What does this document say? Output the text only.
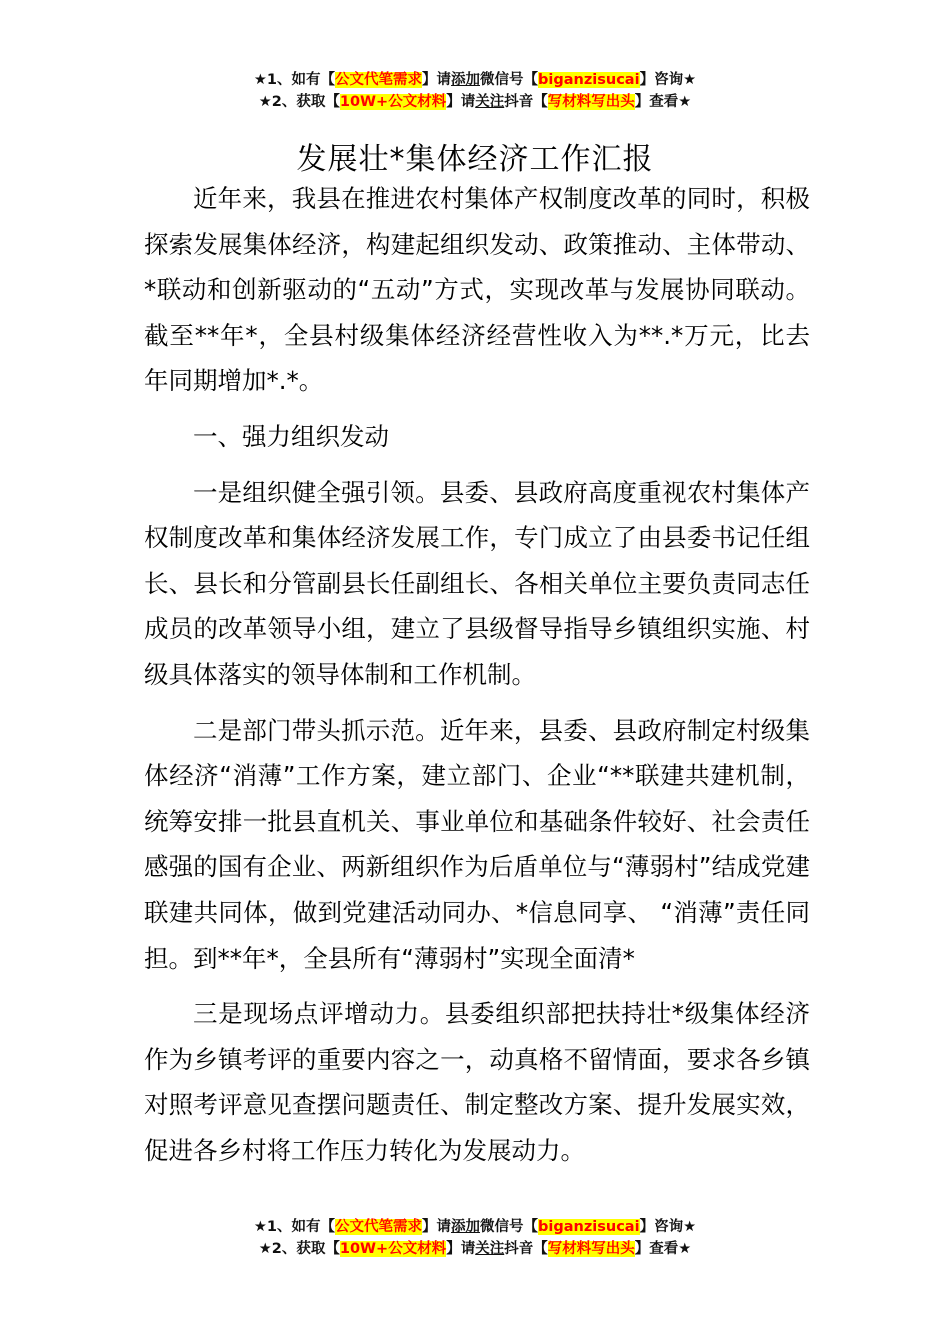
★1、如有【公文代笔需求】请添加微信号【biganzisucai】咨询★
★2、获取【10W+公文材料】请关注抖音【写材料写出头】查看★
发展壮*集体经济工作汇报

近年来，我县在推进农村集体产权制度改革的同时，积极探索发展集体经济，构建起组织发动、政策推动、主体带动、*联动和创新驱动的“五动”方式，实现改革与发展协同联动。截至**年*，全县村级集体经济经营性收入为**.*万元，比去年同期增加*.*。

一、强力组织发动

一是组织健全强引领。县委、县政府高度重视农村集体产权制度改革和集体经济发展工作，专门成立了由县委书记任组长、县长和分管副县长任副组长、各相关单位主要负责同志任成员的改革领导小组，建立了县级督导指导乡镇组织实施、村级具体落实的领导体制和工作机制。

二是部门带头抓示范。近年来，县委、县政府制定村级集体经济“消薄”工作方案，建立部门、企业“**联建共建机制，统筹安排一批县直机关、事业单位和基础条件较好、社会责任感强的国有企业、两新组织作为后盾单位与“薄弱村”结成党建联建共同体，做到党建活动同办、*信息同享、 “消薄”责任同担。到**年*，全县所有“薄弱村”实现全面清*

三是现场点评增动力。县委组织部把扶持壮*级集体经济作为乡镇考评的重要内容之一，动真格不留情面，要求各乡镇对照考评意见查摆问题责任、制定整改方案、提升发展实效，促进各乡村将工作压力转化为发展动力。

★1、如有【公文代笔需求】请添加微信号【biganzisucai】咨询★
★2、获取【10W+公文材料】请关注抖音【写材料写出头】查看★
